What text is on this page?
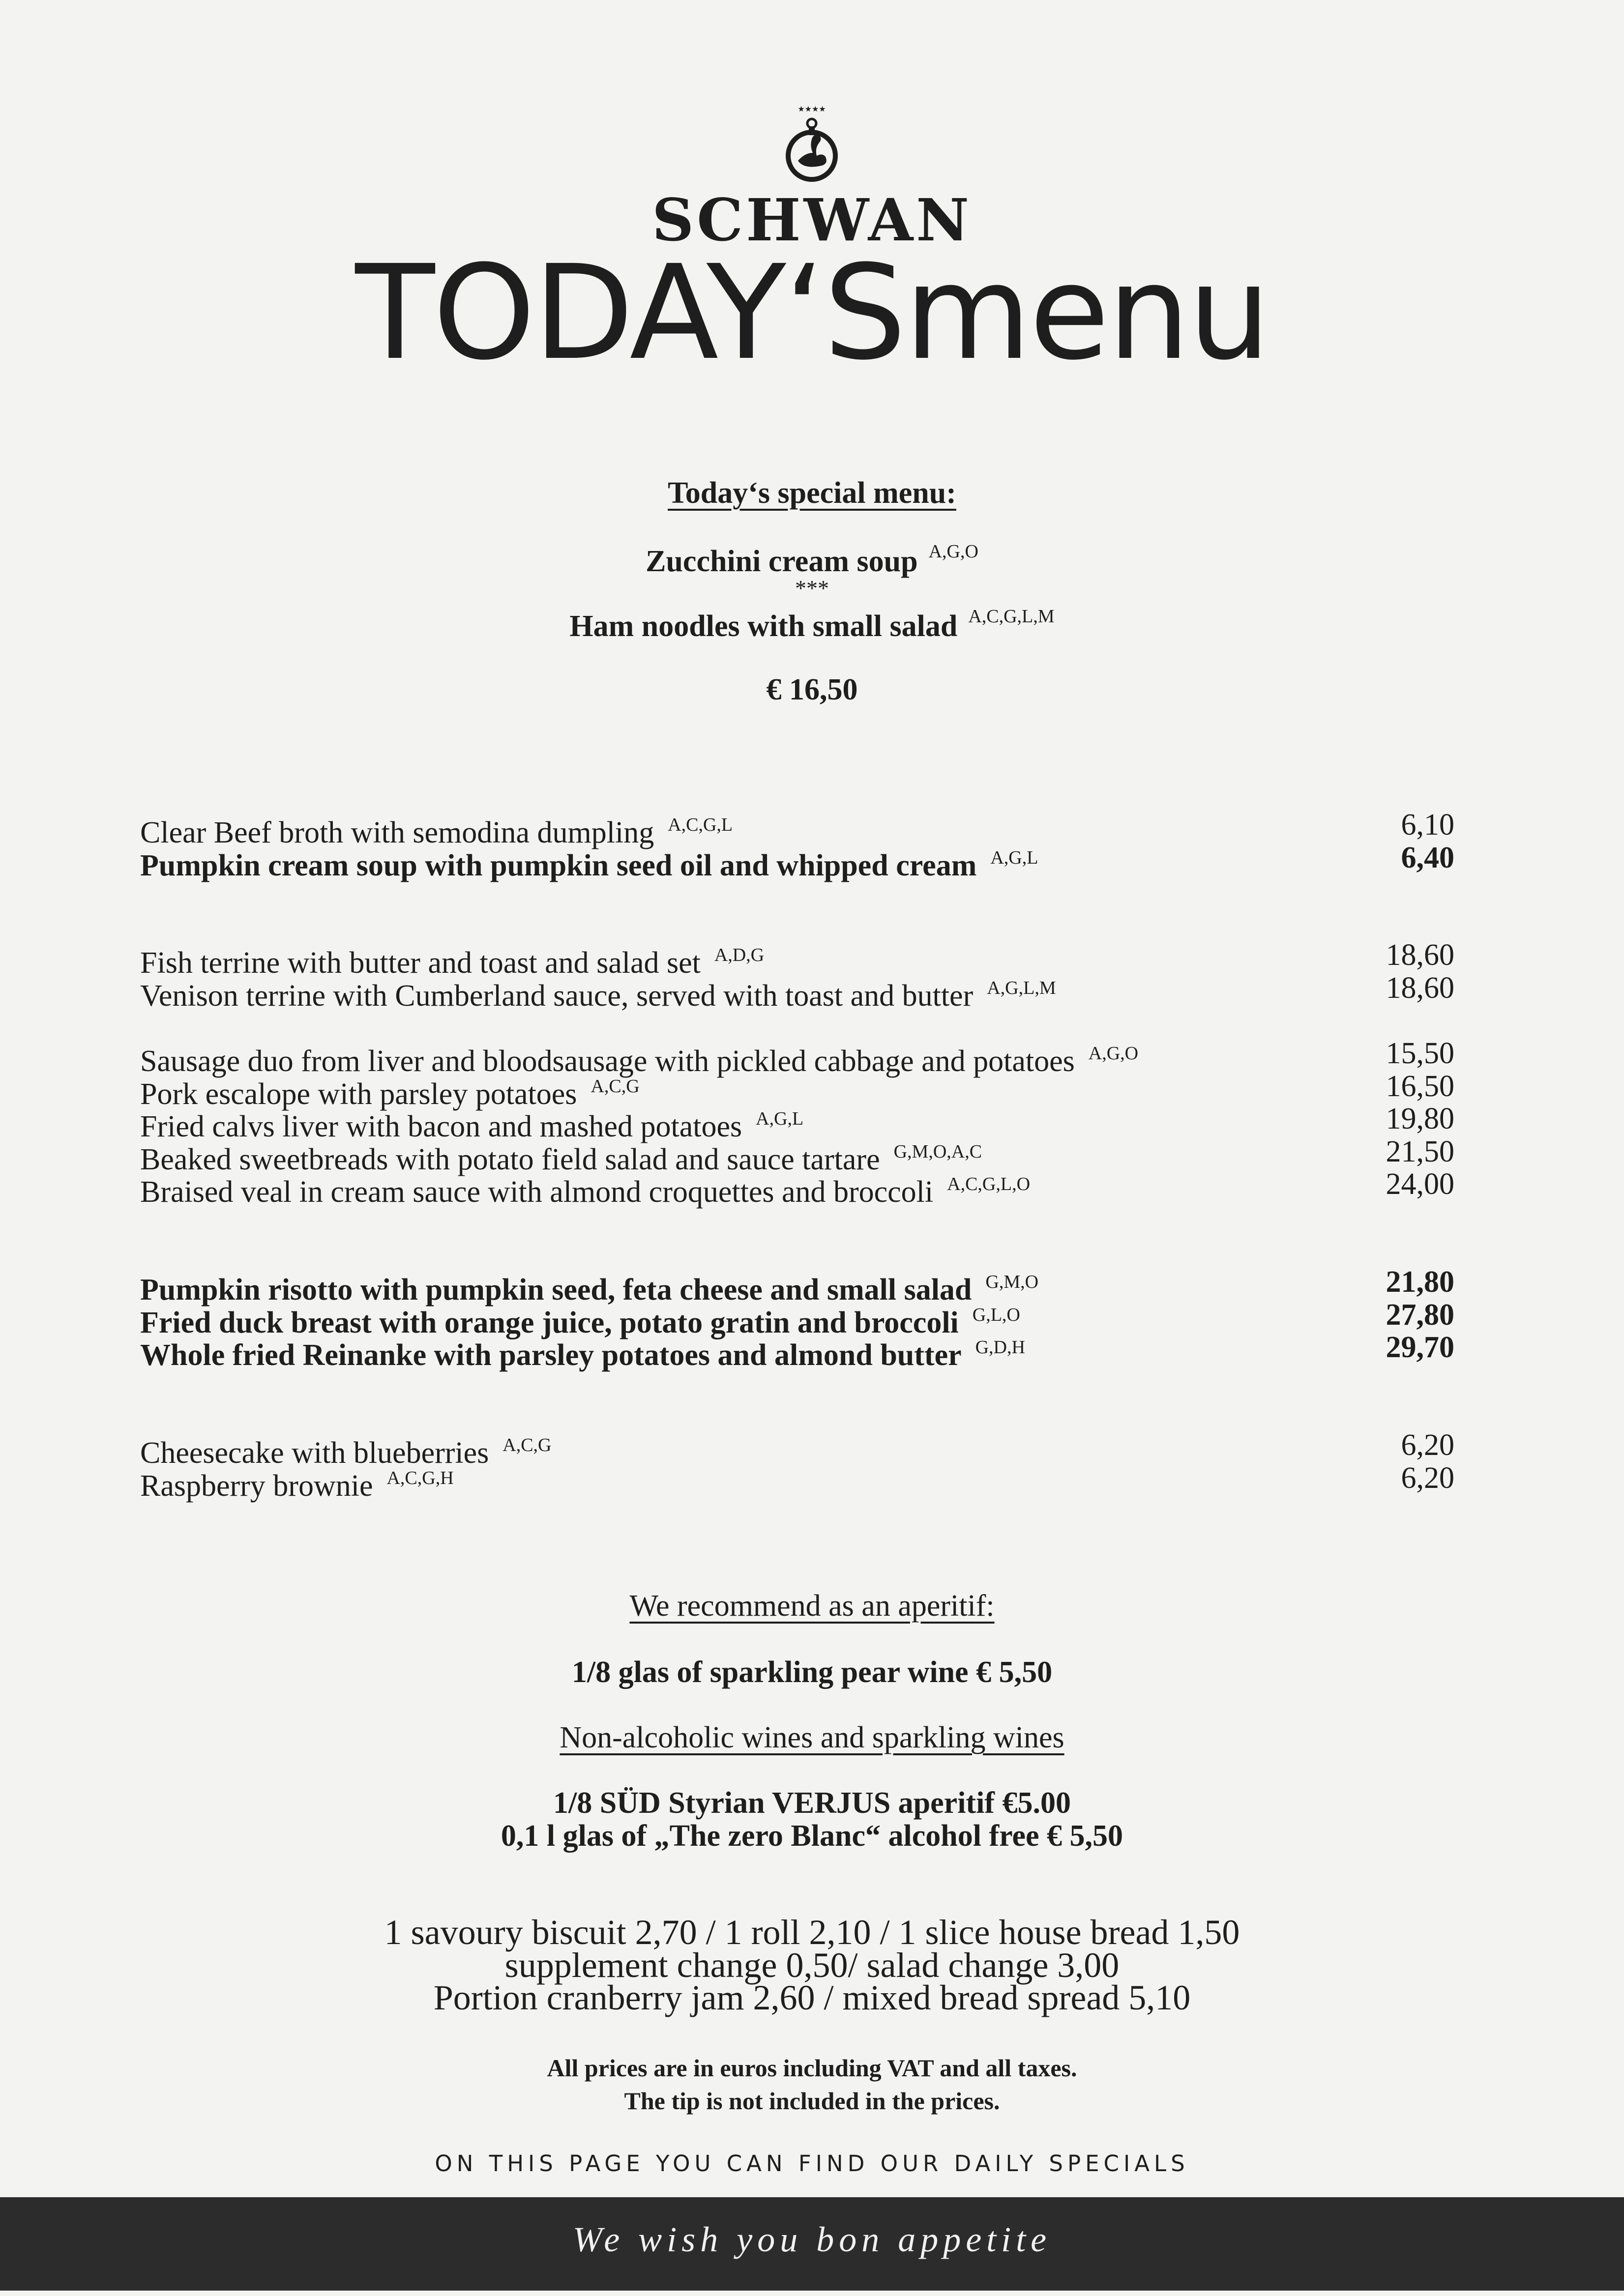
★★★★
SCHWAN
TODAY‘Smenu
Today‘s special menu:
Zucchini cream soup $^{A,G,O}$
***
Ham noodles with small salad $^{A,C,G,L,M}$
€ 16,50
Clear Beef broth with semodina dumpling $^{A,C,G,L}$	6,10
Pumpkin cream soup with pumpkin seed oil and whipped cream $^{A,G,L}$	6,40
Fish terrine with butter and toast and salad set $^{A,D,G}$	18,60
Venison terrine with Cumberland sauce, served with toast and butter $^{A,G,L,M}$	18,60
Sausage duo from liver and bloodsausage with pickled cabbage and potatoes $^{A,G,O}$	15,50
Pork escalope with parsley potatoes $^{A,C,G}$	16,50
Fried calvs liver with bacon and mashed potatoes $^{A,G,L}$	19,80
Beaked sweetbreads with potato field salad and sauce tartare $^{G,M,O,A,C}$	21,50
Braised veal in cream sauce with almond croquettes and broccoli $^{A,C,G,L,O}$	24,00
Pumpkin risotto with pumpkin seed, feta cheese and small salad $^{G,M,O}$	21,80
Fried duck breast with orange juice, potato gratin and broccoli $^{G,L,O}$	27,80
Whole fried Reinanke with parsley potatoes and almond butter $^{G,D,H}$	29,70
Cheesecake with blueberries $^{A,C,G}$	6,20
Raspberry brownie $^{A,C,G,H}$	6,20
We recommend as an aperitif:
1/8 glas of sparkling pear wine € 5,50
Non-alcoholic wines and sparkling wines
1/8 SÜD Styrian VERJUS aperitif €5.00
0,1 l glas of „The zero Blanc“ alcohol free € 5,50
1 savoury biscuit 2,70 / 1 roll 2,10 / 1 slice house bread 1,50
supplement change 0,50/ salad change 3,00
Portion cranberry jam 2,60 / mixed bread spread 5,10
All prices are in euros including VAT and all taxes.
The tip is not included in the prices.
ON THIS PAGE YOU CAN FIND OUR DAILY SPECIALS
We wish you bon appetite
